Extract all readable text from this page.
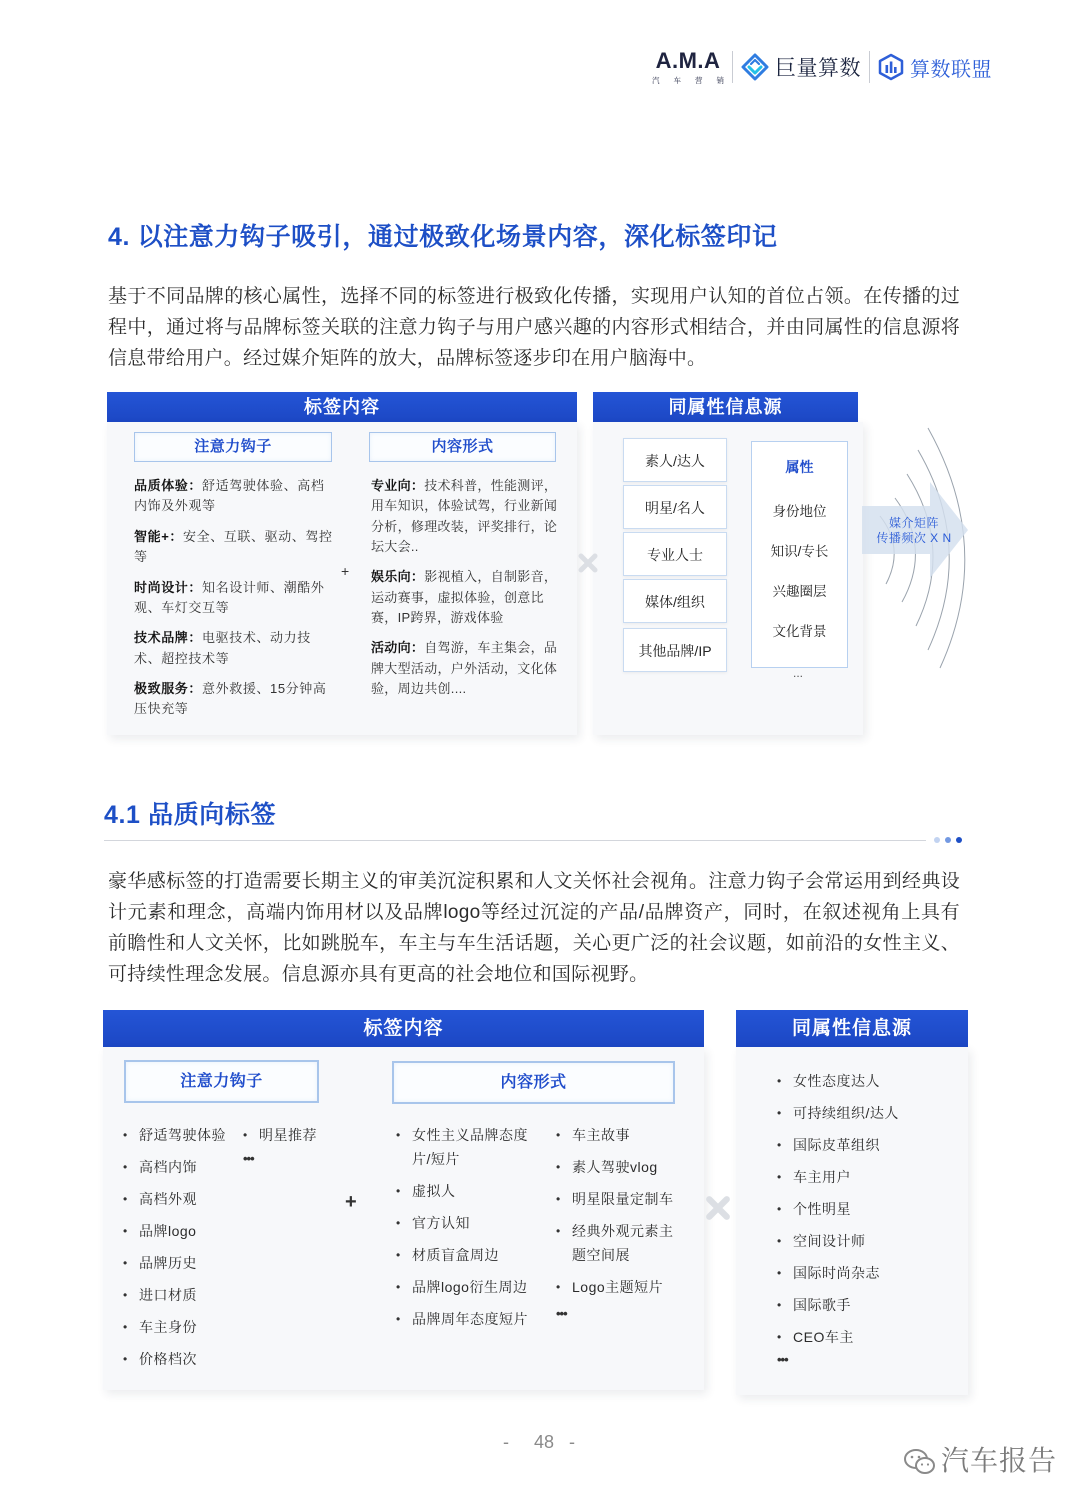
A.M.A
汽 车 营 销 巨量算数 算数联盟
4. 以注意力钩子吸引，通过极致化场景内容，深化标签印记

基于不同品牌的核心属性，选择不同的标签进行极致化传播，实现用户认知的首位占领。在传播的过程中，通过将与品牌标签关联的注意力钩子与用户感兴趣的内容形式相结合，并由同属性的信息源将信息带给用户。经过媒介矩阵的放大，品牌标签逐步印在用户脑海中。

标签内容	同属性信息源
注意力钩子	内容形式

品质体验：舒适驾驶体验、高档内饰及外观等

智能+：安全、互联、驱动、驾控等

时尚设计：知名设计师、潮酷外观、车灯交互等

技术品牌：电驱技术、动力技术、超控技术等

极致服务：意外救援、15分钟高压快充等

+

专业向：技术科普，性能测评，用车知识，体验试驾，行业新闻分析，修理改装，评奖排行，论坛大会..

娱乐向：影视植入，自制影音，运动赛事，虚拟体验，创意比赛，IP跨界，游戏体验

活动向：自驾游，车主集会，品牌大型活动，户外活动，文化体验，周边共创....

素人/达人
明星/名人
专业人士
媒体/组织
其他品牌/IP
属性
身份地位
知识/专长
兴趣圈层
文化背景
...
媒介矩阵
传播频次 X N
4.1 品质向标签

豪华感标签的打造需要长期主义的审美沉淀积累和人文关怀社会视角。注意力钩子会常运用到经典设计元素和理念，高端内饰用材以及品牌logo等经过沉淀的产品/品牌资产，同时，在叙述视角上具有前瞻性和人文关怀，比如跳脱车，车主与车生活话题，关心更广泛的社会议题，如前沿的女性主义、可持续性理念发展。信息源亦具有更高的社会地位和国际视野。

标签内容	同属性信息源
注意力钩子	内容形式
• 舒适驾驶体验
• 高档内饰
• 高档外观
• 品牌logo
• 品牌历史
• 进口材质
• 车主身份
• 价格档次
• 明星推荐
•••
+
• 女性主义品牌态度片/短片
• 虚拟人
• 官方认知
• 材质盲盒周边
• 品牌logo衍生周边
• 品牌周年态度短片
• 车主故事
• 素人驾驶vlog
• 明星限量定制车
• 经典外观元素主题空间展
• Logo主题短片
•••
• 女性态度达人
• 可持续组织/达人
• 国际皮革组织
• 车主用户
• 个性明星
• 空间设计师
• 国际时尚杂志
• 国际歌手
• CEO车主
•••
- 48 -
汽车报告
